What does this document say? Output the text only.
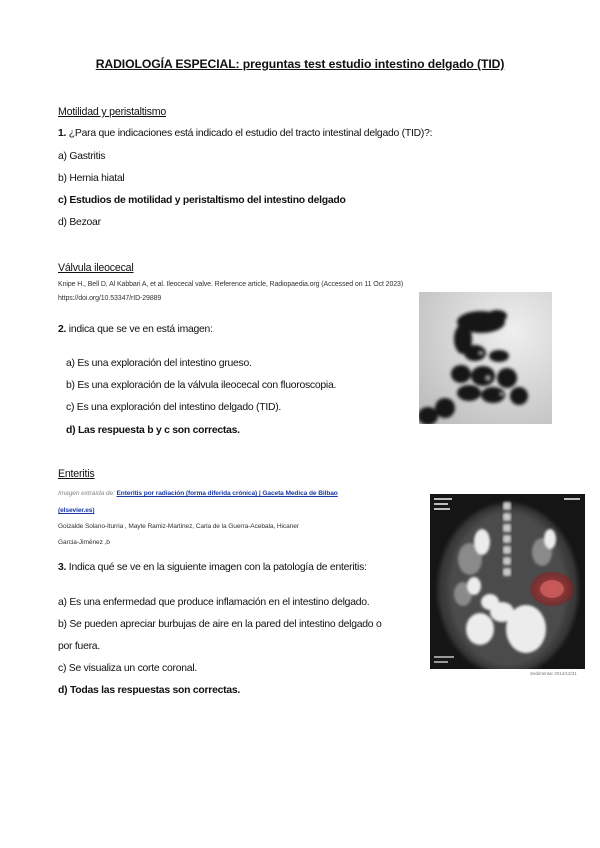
RADIOLOGÍA ESPECIAL: preguntas test estudio intestino delgado (TID)
Motilidad y peristaltismo
1. ¿Para que indicaciones está indicado el estudio del tracto intestinal delgado (TID)?:
a) Gastritis
b) Hernia hiatal
c) Estudios de motilidad y peristaltismo del intestino delgado
d) Bezoar
Válvula ileocecal
Knipe H., Bell D, Al Kabbari A, et al. Ileocecal valve. Reference article, Radiopaedia.org (Accessed on 11 Oct 2023)
https://doi.org/10.53347/rID-29889
2. indica que se ve en está imagen:
a) Es una exploración del intestino grueso.
b) Es una exploración de la válvula ileocecal con fluoroscopia.
c) Es una exploración del intestino delgado (TID).
d) Las respuesta b y c son correctas.
Enteritis
Imagen extraída de: Enteritis por radiación (forma diferida crónica) | Gaceta Medica de Bilbao
(elsevier.es)
Goizalde Solano-Iturria , Mayte Ramiz-Martinez, Carla de la Guerra-Acebala, Hicaner
Garcia-Jiménez ,b
Sedimentar 2014/12/31
3. Indica qué se ve en la siguiente imagen con la patología de enteritis:
a) Es una enfermedad que produce inflamación en el intestino delgado.
b) Se pueden apreciar burbujas de aire en la pared del intestino delgado o
por fuera.
c) Se visualiza un corte coronal.
d) Todas las respuestas son correctas.
